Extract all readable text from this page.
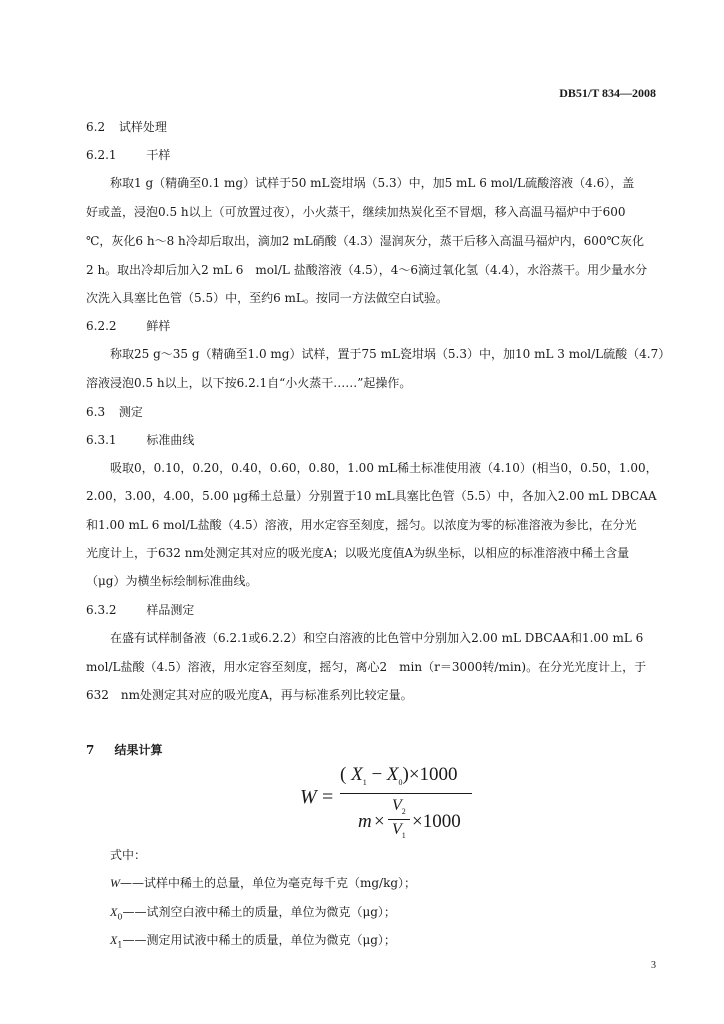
DB51/T 834—2008
6.2 试样处理
6.2.1 干样
称取1 g（精确至0.1 mg）试样于50 mL瓷坩埚（5.3）中，加5 mL 6 mol/L硫酸溶液（4.6），盖
好或盖，浸泡0.5 h以上（可放置过夜），小火蒸干，继续加热炭化至不冒烟，移入高温马福炉中于600
℃，灰化6 h～8 h冷却后取出，滴加2 mL硝酸（4.3）湿润灰分，蒸干后移入高温马福炉内，600℃灰化
2 h。取出冷却后加入2 mL 6　mol/L 盐酸溶液（4.5），4～6滴过氧化氢（4.4），水浴蒸干。用少量水分
次洗入具塞比色管（5.5）中，至约6 mL。按同一方法做空白试验。
6.2.2 鲜样
称取25 g～35 g（精确至1.0 mg）试样，置于75 mL瓷坩埚（5.3）中，加10 mL 3 mol/L硫酸（4.7）
溶液浸泡0.5 h以上，以下按6.2.1自“小火蒸干……”起操作。
6.3 测定
6.3.1 标准曲线
吸取0，0.10，0.20，0.40，0.60，0.80，1.00 mL稀土标准使用液（4.10）(相当0，0.50，1.00，
2.00，3.00，4.00，5.00 μg稀土总量）分别置于10 mL具塞比色管（5.5）中，各加入2.00 mL DBCAA
和1.00 mL 6 mol/L盐酸（4.5）溶液，用水定容至刻度，摇匀。以浓度为零的标准溶液为参比，在分光
光度计上，于632 nm处测定其对应的吸光度A；以吸光度值A为纵坐标，以相应的标准溶液中稀土含量
（μg）为横坐标绘制标准曲线。
6.3.2 样品测定
在盛有试样制备液（6.2.1或6.2.2）和空白溶液的比色管中分别加入2.00 mL DBCAA和1.00 mL 6
mol/L盐酸（4.5）溶液，用水定容至刻度，摇匀，离心2　min（r＝3000转/min)。在分光光度计上，于
632　nm处测定其对应的吸光度A，再与标准系列比较定量。
7 结果计算
W =
( $X_1 - X_0)\times 1000$
m ×
$V_2$
$V_1$
×1000
式中：
W——试样中稀土的总量，单位为毫克每千克（mg/kg）；
$X_0——$试剂空白液中稀土的质量，单位为微克（μg）；
$X_1——$测定用试液中稀土的质量，单位为微克（μg）；
3
